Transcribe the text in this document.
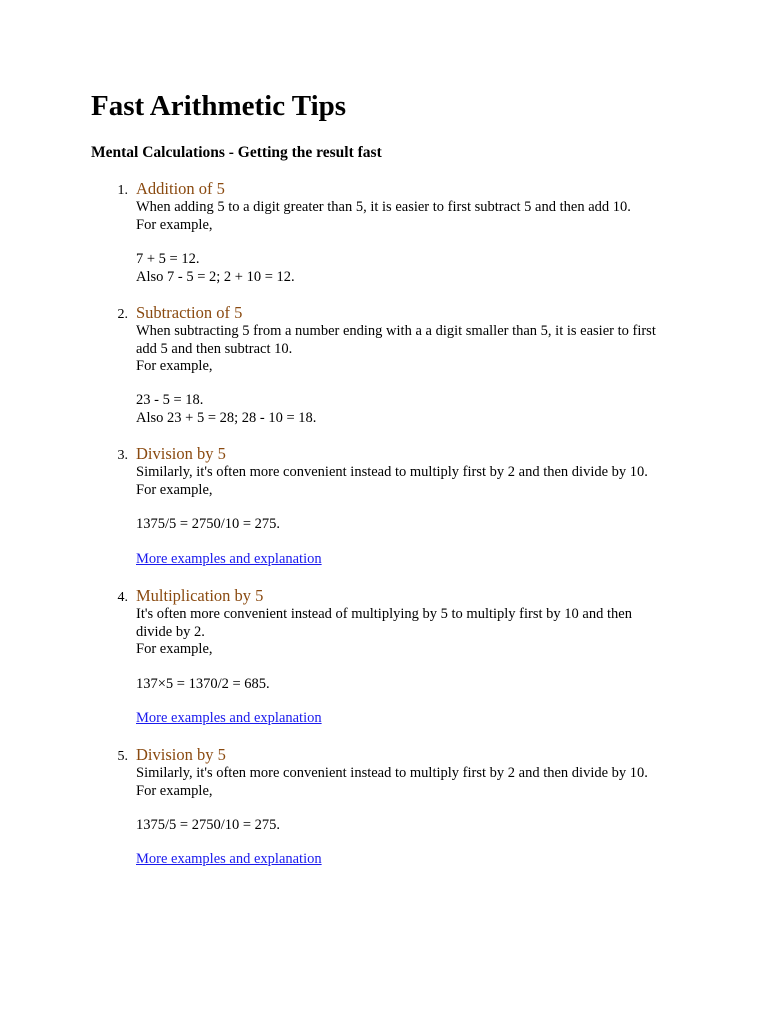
Fast Arithmetic Tips
Mental Calculations - Getting the result fast
1. Addition of 5
When adding 5 to a digit greater than 5, it is easier to first subtract 5 and then add 10.
For example,
7 + 5 = 12.
Also 7 - 5 = 2; 2 + 10 = 12.
2. Subtraction of 5
When subtracting 5 from a number ending with a a digit smaller than 5, it is easier to first
add 5 and then subtract 10.
For example,
23 - 5 = 18.
Also 23 + 5 = 28; 28 - 10 = 18.
3. Division by 5
Similarly, it's often more convenient instead to multiply first by 2 and then divide by 10.
For example,
1375/5 = 2750/10 = 275.
More examples and explanation
4. Multiplication by 5
It's often more convenient instead of multiplying by 5 to multiply first by 10 and then
divide by 2.
For example,
137×5 = 1370/2 = 685.
More examples and explanation
5. Division by 5
Similarly, it's often more convenient instead to multiply first by 2 and then divide by 10.
For example,
1375/5 = 2750/10 = 275.
More examples and explanation
